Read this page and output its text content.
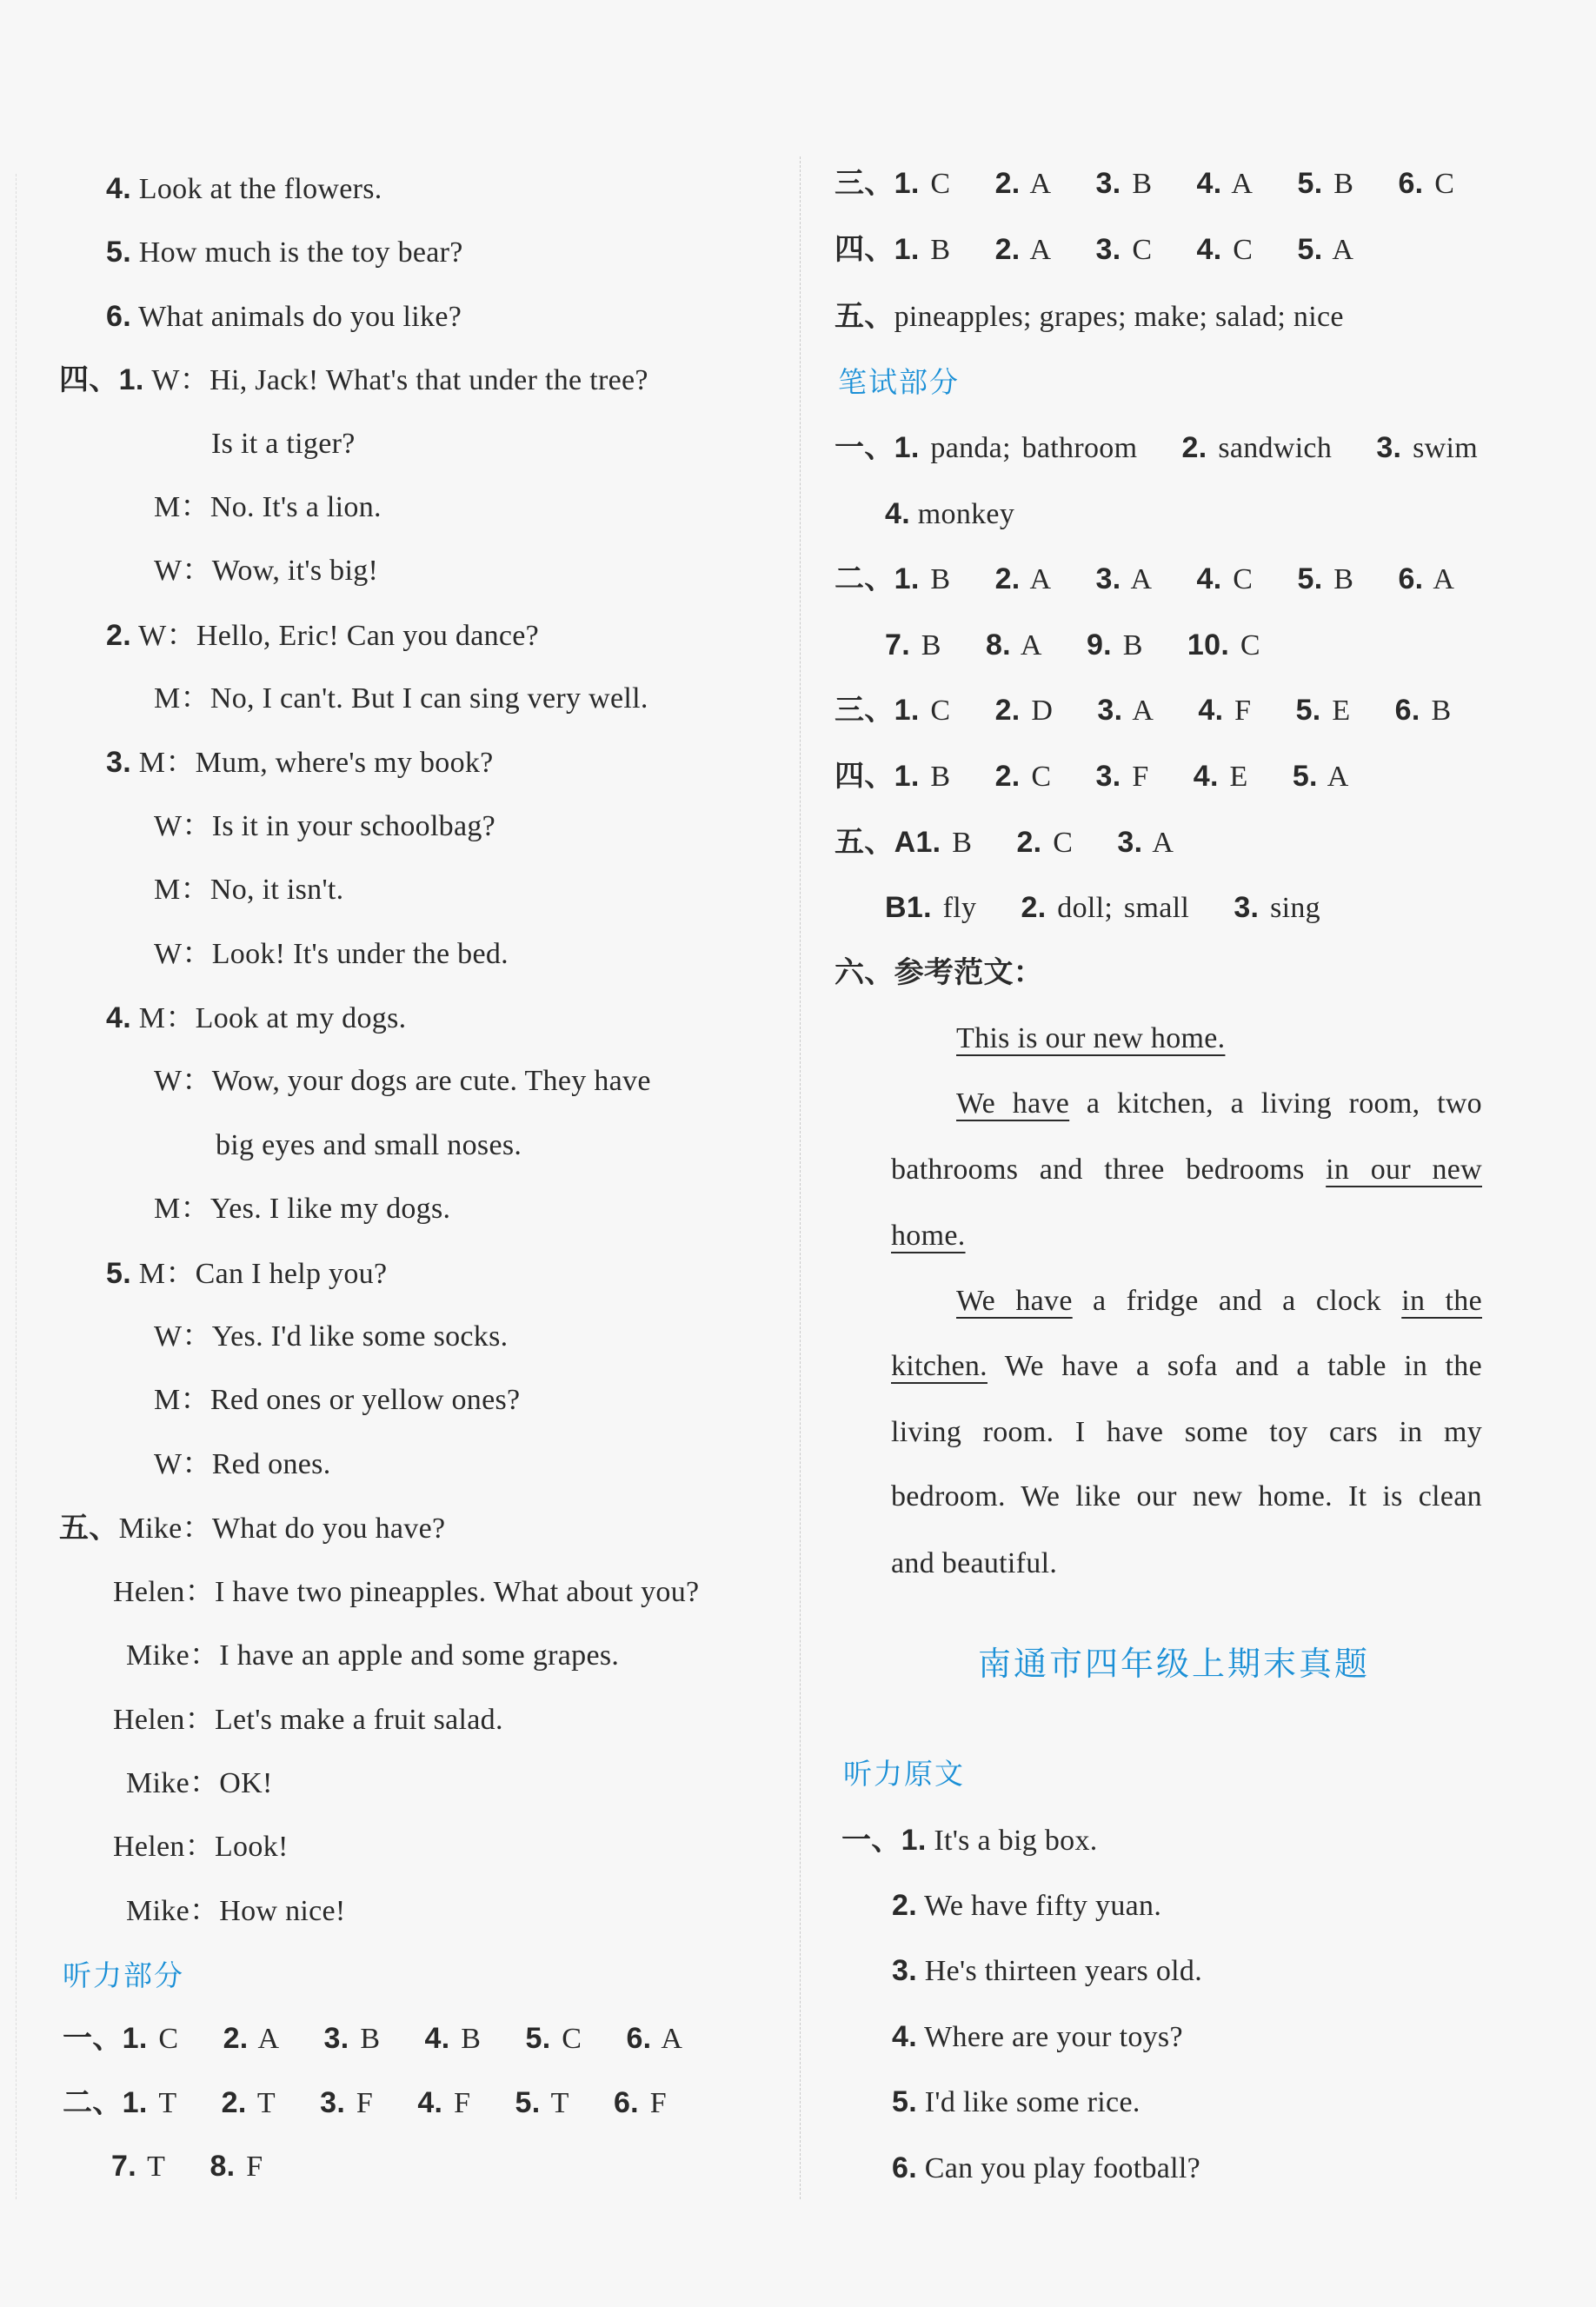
4. Look at the flowers.
5. How much is the toy bear?
6. What animals do you like?
四、1. W：Hi, Jack! What's that under the tree?
Is it a tiger?
M：No. It's a lion.
W：Wow, it's big!
2. W：Hello, Eric! Can you dance?
M：No, I can't. But I can sing very well.
3. M：Mum, where's my book?
W：Is it in your schoolbag?
M：No, it isn't.
W：Look! It's under the bed.
4. M：Look at my dogs.
W：Wow, your dogs are cute. They have
big eyes and small noses.
M：Yes. I like my dogs.
5. M：Can I help you?
W：Yes. I'd like some socks.
M：Red ones or yellow ones?
W：Red ones.
五、Mike：What do you have?
Helen：I have two pineapples. What about you?
Mike：I have an apple and some grapes.
Helen：Let's make a fruit salad.
Mike：OK!
Helen：Look!
Mike：How nice!
听力部分
一、1. C 2. A 3. B 4. B 5. C 6. A
二、1. T 2. T 3. F 4. F 5. T 6. F
7. T 8. F
三、1. C 2. A 3. B 4. A 5. B 6. C
四、1. B 2. A 3. C 4. C 5. A
五、pineapples; grapes; make; salad; nice
笔试部分
一、1. panda; bathroom 2. sandwich 3. swim
4. monkey
二、1. B 2. A 3. A 4. C 5. B 6. A
7. B 8. A 9. B 10. C
三、1. C 2. D 3. A 4. F 5. E 6. B
四、1. B 2. C 3. F 4. E 5. A
五、A1. B 2. C 3. A
B1. fly 2. doll; small 3. sing
六、参考范文：
This is our new home.
We have a kitchen, a living room, two
bathrooms and three bedrooms in our new
home.
We have a fridge and a clock in the
kitchen. We have a sofa and a table in the
living room. I have some toy cars in my
bedroom. We like our new home. It is clean
and beautiful.
南通市四年级上期末真题
听力原文
一、1. It's a big box.
2. We have fifty yuan.
3. He's thirteen years old.
4. Where are your toys?
5. I'd like some rice.
6. Can you play football?
